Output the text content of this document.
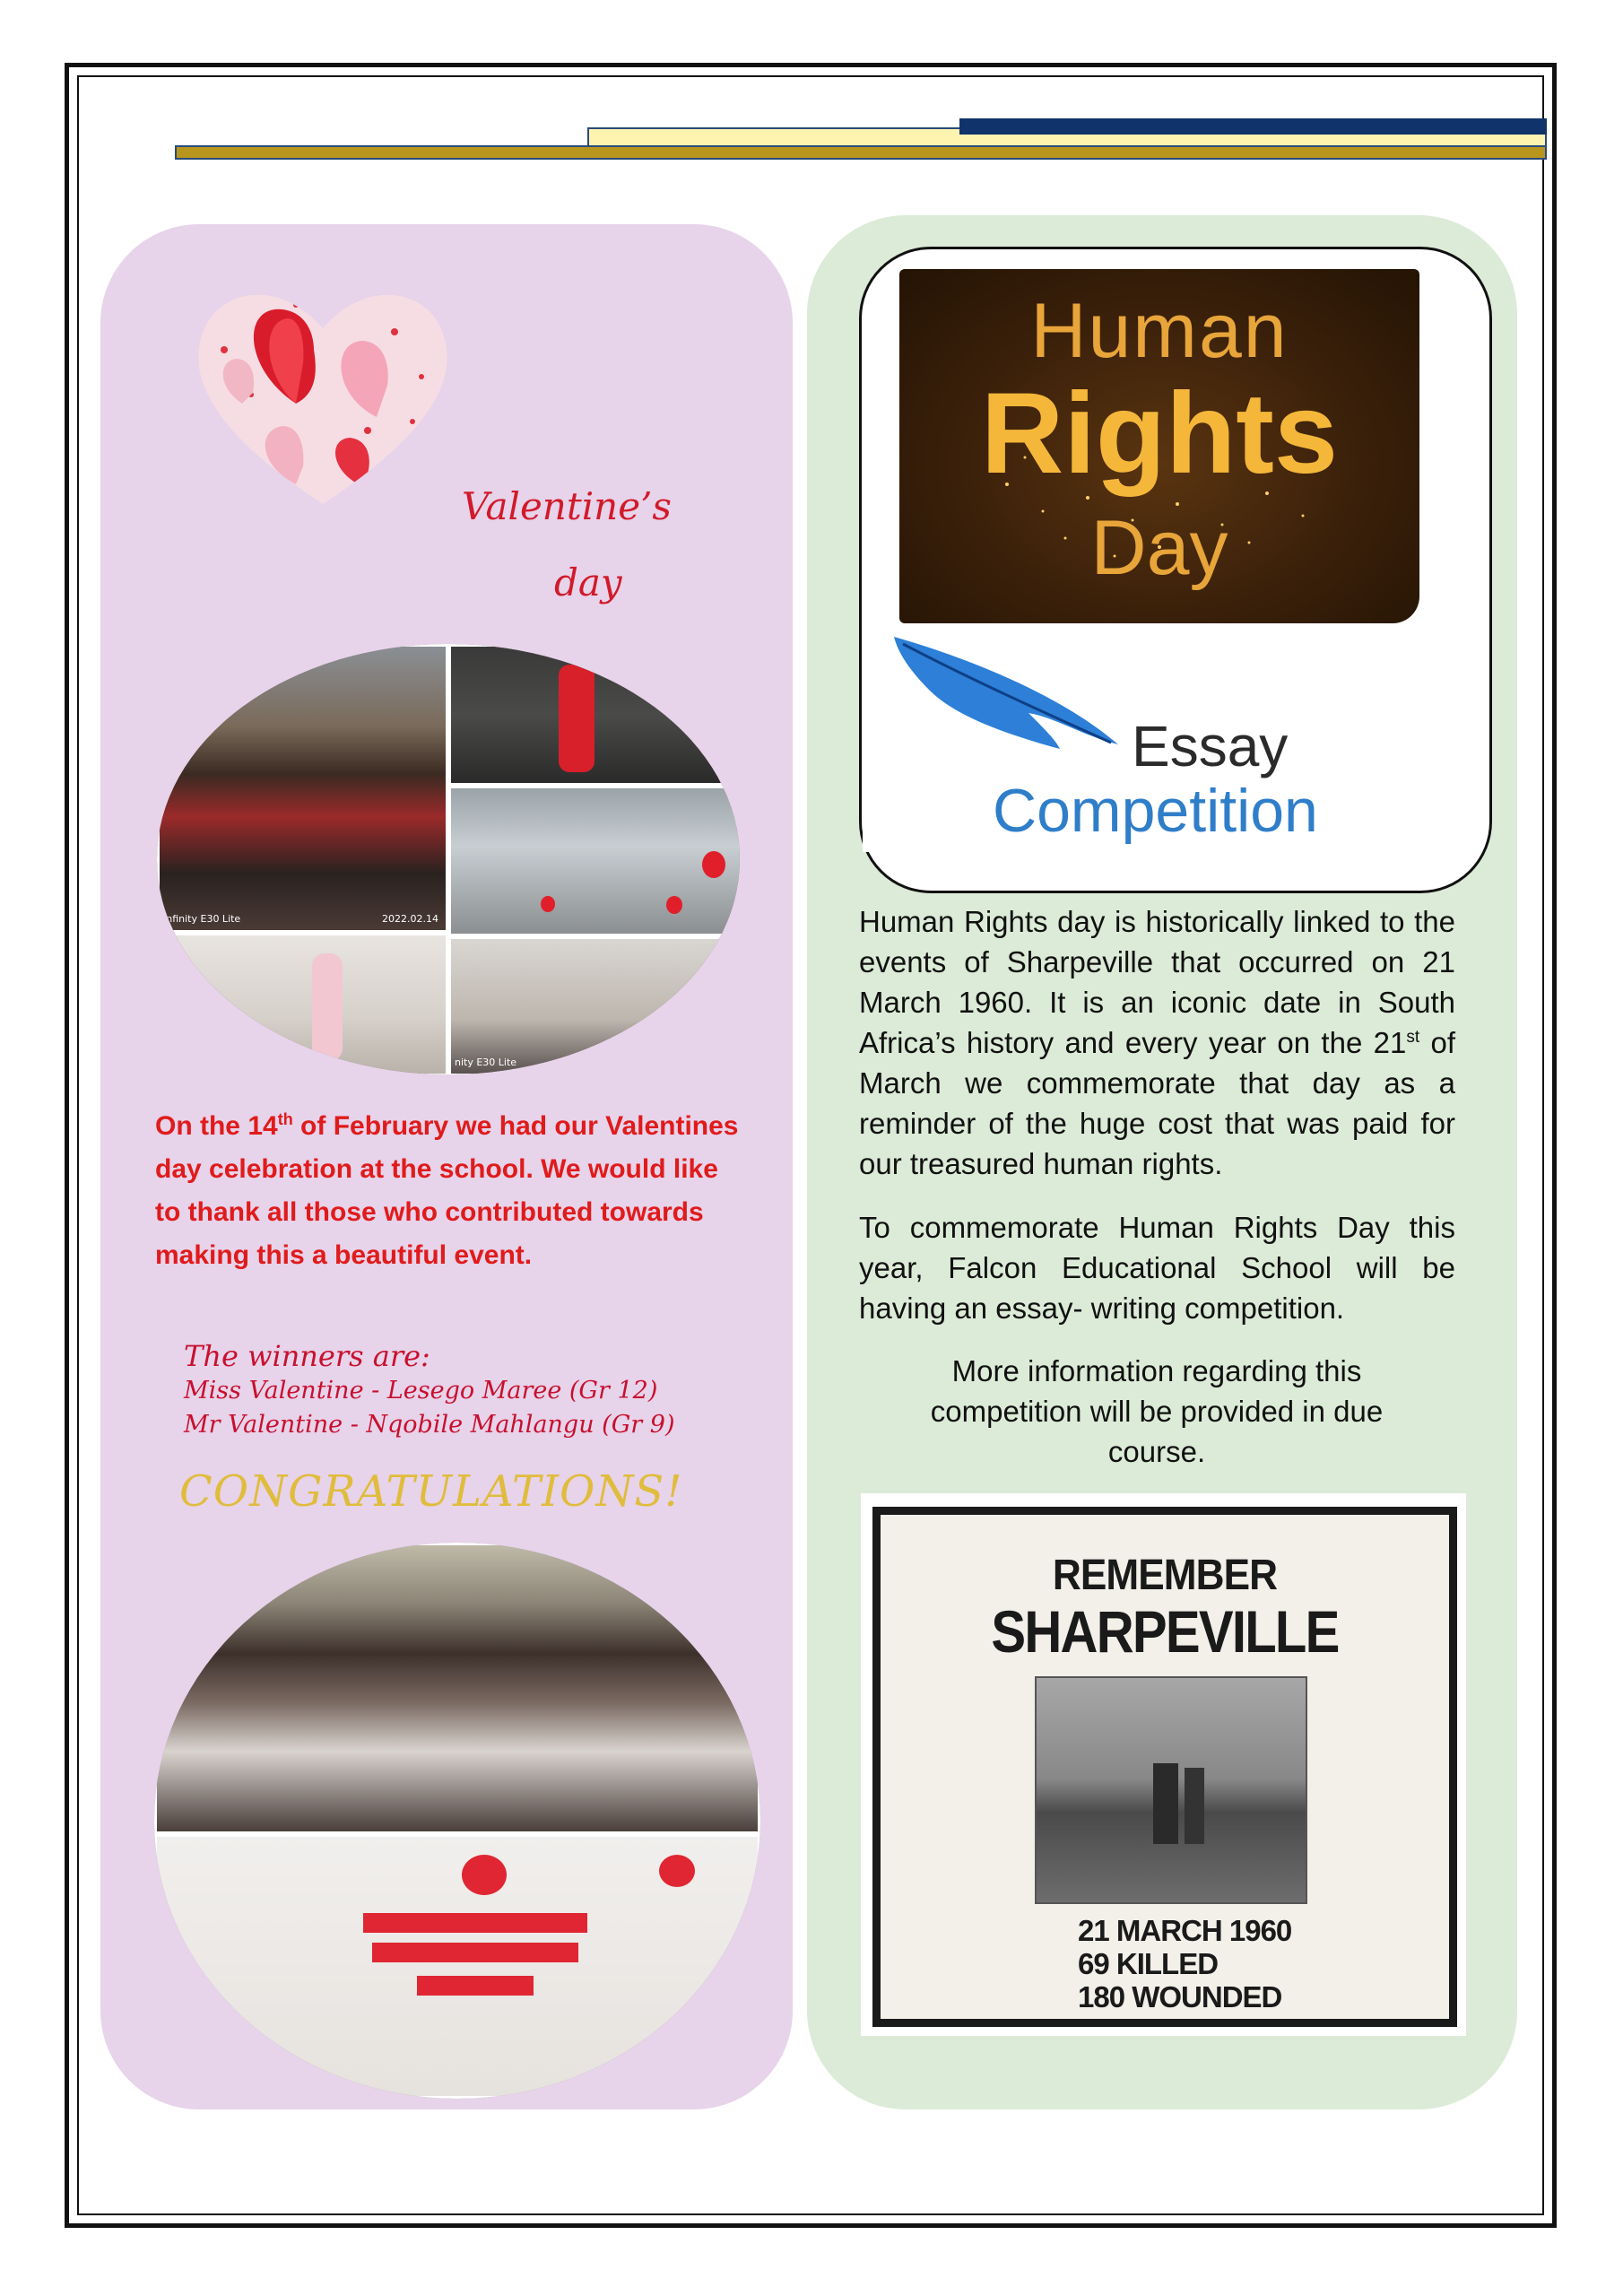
Valentine’s
day
Infinity E30 Lite	2022.02.14
nity E30 Lite
On the 14th of February we had our Valentines day celebration at the school. We would like to thank all those who contributed towards making this a beautiful event.
The winners are:
Miss Valentine - Lesego Maree (Gr 12)
Mr Valentine - Nqobile Mahlangu (Gr 9)
CONGRATULATIONS!
Human
Rights
Day
Essay
Competition
Human Rights day is historically linked to the events of Sharpeville that occurred on 21 March 1960. It is an iconic date in South Africa’s history and every year on the 21st of March we commemorate that day as a reminder of the huge cost that was paid for our treasured human rights.
To commemorate Human Rights Day this year, Falcon Educational School will be having an essay- writing competition.
More information regarding this competition will be provided in due course.
REMEMBER
SHARPEVILLE
21 MARCH 1960
69 KILLED
180 WOUNDED
